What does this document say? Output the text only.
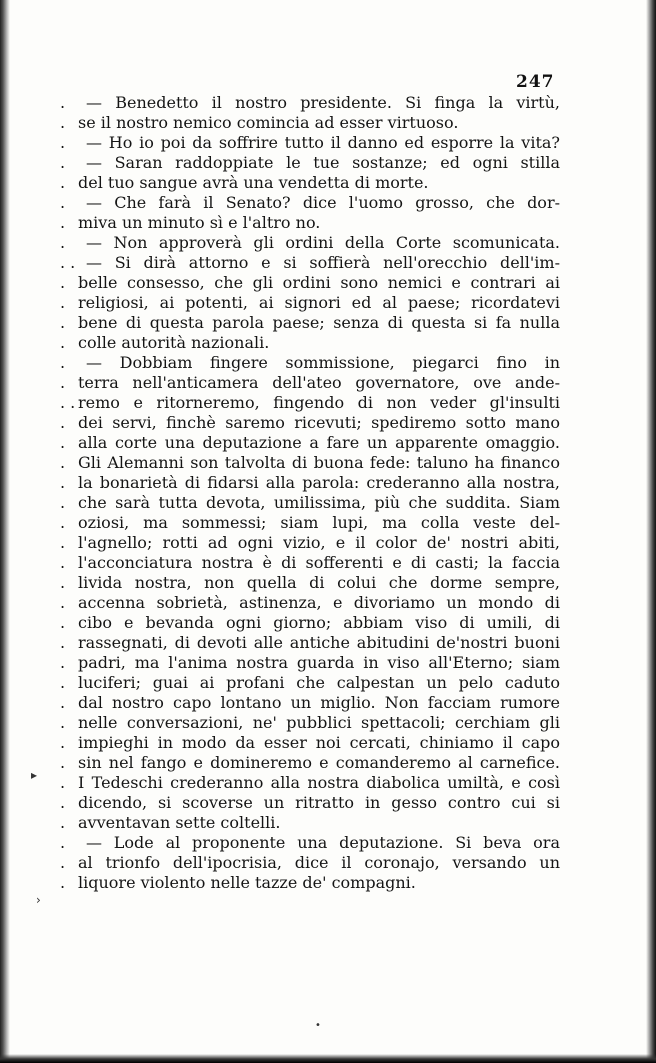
247
.	— Benedetto il nostro presidente. Si finga la virtù,
. se il nostro nemico comincia ad esser virtuoso.
.	— Ho io poi da soffrire tutto il danno ed esporre la vita?
.	— Saran raddoppiate le tue sostanze; ed ogni stilla
. del tuo sangue avrà una vendetta di morte.
.	— Che farà il Senato? dice l'uomo grosso, che dor-
. miva un minuto sì e l'altro no.
.	— Non approverà gli ordini della Corte scomunicata.
. . — Si dirà attorno e si soffierà nell'orecchio dell'im-
. belle consesso, che gli ordini sono nemici e contrari ai
. religiosi, ai potenti, ai signori ed al paese; ricordatevi
. bene di questa parola paese; senza di questa si fa nulla
. colle autorità nazionali.
.	— Dobbiam fingere sommissione, piegarci fino in
. terra nell'anticamera dell'ateo governatore, ove ande-
. . remo e ritorneremo, fingendo di non veder gl'insulti
. dei servi, finchè saremo ricevuti; spediremo sotto mano
. alla corte una deputazione a fare un apparente omaggio.
. Gli Alemanni son talvolta di buona fede: taluno ha financo
. la bonarietà di fidarsi alla parola: crederanno alla nostra,
. che sarà tutta devota, umilissima, più che suddita. Siam
. oziosi, ma sommessi; siam lupi, ma colla veste del-
. l'agnello; rotti ad ogni vizio, e il color de' nostri abiti,
. l'acconciatura nostra è di sofferenti e di casti; la faccia
. livida nostra, non quella di colui che dorme sempre,
. accenna sobrietà, astinenza, e divoriamo un mondo di
. cibo e bevanda ogni giorno; abbiam viso di umili, di
. rassegnati, di devoti alle antiche abitudini de'nostri buoni
. padri, ma l'anima nostra guarda in viso all'Eterno; siam
. luciferi; guai ai profani che calpestan un pelo caduto
. dal nostro capo lontano un miglio. Non facciam rumore
. nelle conversazioni, ne' pubblici spettacoli; cerchiam gli
. impieghi in modo da esser noi cercati, chiniamo il capo
. sin nel fango e domineremo e comanderemo al carnefice.
. I Tedeschi crederanno alla nostra diabolica umiltà, e così
. dicendo, si scoverse un ritratto in gesso contro cui si
. avventavan sette coltelli.
.	— Lode al proponente una deputazione. Si beva ora
. al trionfo dell'ipocrisia, dice il coronajo, versando un
. liquore violento nelle tazze de' compagni.
▸
›
•
